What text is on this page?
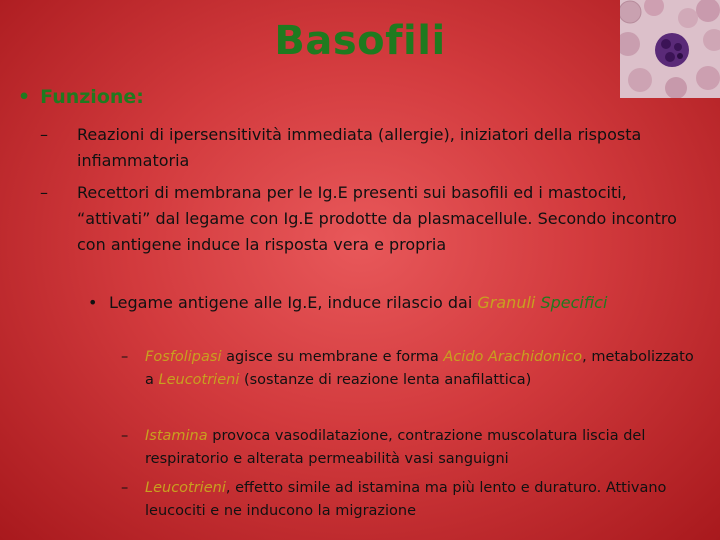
Basofili
• Funzione:
–	Reazioni di ipersensitività immediata (allergie), iniziatori della risposta infiammatoria
–	Recettori di membrana per le Ig.E presenti sui basofili ed i mastociti, “attivati” dal legame con Ig.E prodotte da plasmacellule. Secondo incontro con antigene induce la risposta vera e propria
• Legame antigene alle Ig.E, induce rilascio dai Granuli Specifici
–	Fosfolipasi agisce su membrane e forma Acido Arachidonico, metabolizzato a Leucotrieni (sostanze di reazione lenta anafilattica)
–	Istamina provoca vasodilatazione, contrazione muscolatura liscia del respiratorio e alterata permeabilità vasi sanguigni
–	Leucotrieni, effetto simile ad istamina ma più lento e duraturo. Attivano leucociti e ne inducono la migrazione
